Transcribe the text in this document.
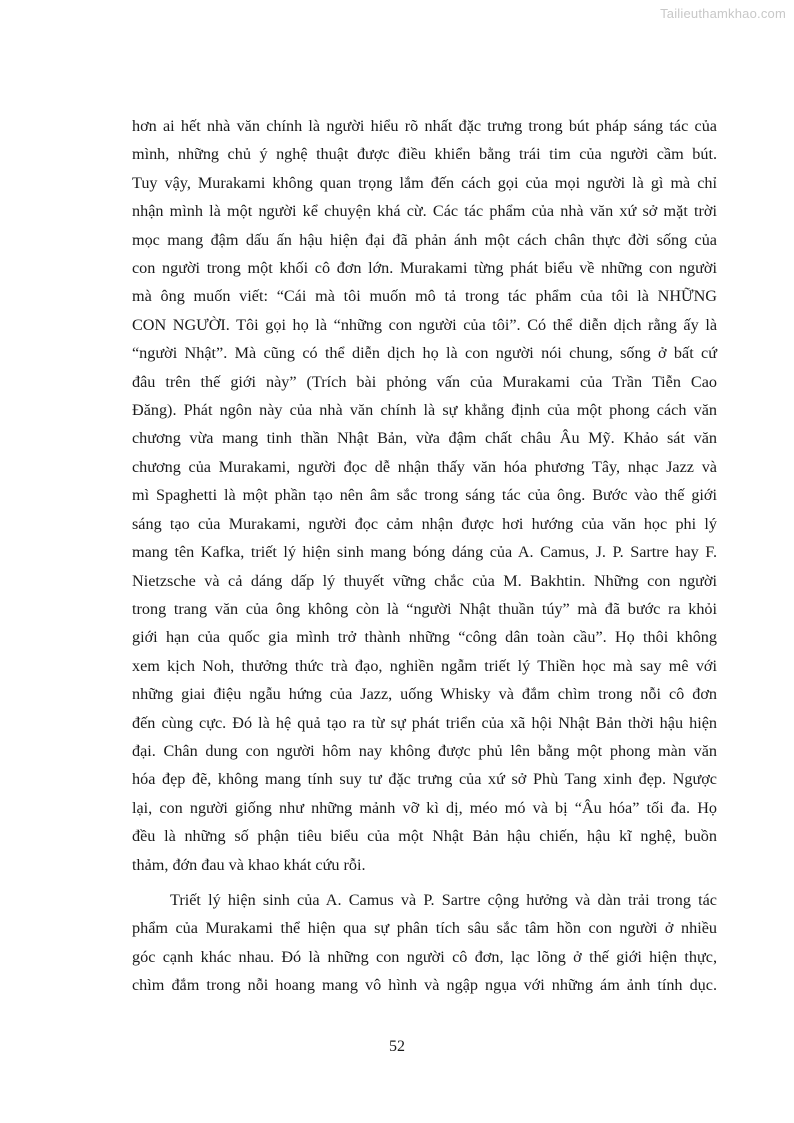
Tailieuthamkhao.com
hơn ai hết nhà văn chính là người hiểu rõ nhất đặc trưng trong bút pháp sáng tác của
mình, những chủ ý nghệ thuật được điều khiển bằng trái tim của người cầm bút.
Tuy vậy, Murakami không quan trọng lắm đến cách gọi của mọi người là gì mà chỉ
nhận mình là một người kể chuyện khá cừ. Các tác phẩm của nhà văn xứ sở mặt trời
mọc mang đậm dấu ấn hậu hiện đại đã phản ánh một cách chân thực đời sống của
con người trong một khối cô đơn lớn. Murakami từng phát biểu về những con người
mà ông muốn viết: “Cái mà tôi muốn mô tả trong tác phẩm của tôi là NHỮNG
CON NGƯỜI. Tôi gọi họ là “những con người của tôi”. Có thể diễn dịch rằng ấy là
“người Nhật”. Mà cũng có thể diễn dịch họ là con người nói chung, sống ở bất cứ
đâu trên thế giới này” (Trích bài phỏng vấn của Murakami của Trần Tiễn Cao
Đăng). Phát ngôn này của nhà văn chính là sự khẳng định của một phong cách văn
chương vừa mang tinh thần Nhật Bản, vừa đậm chất châu Âu Mỹ. Khảo sát văn
chương của Murakami, người đọc dễ nhận thấy văn hóa phương Tây, nhạc Jazz và
mì Spaghetti là một phần tạo nên âm sắc trong sáng tác của ông. Bước vào thế giới
sáng tạo của Murakami, người đọc cảm nhận được hơi hướng của văn học phi lý
mang tên Kafka, triết lý hiện sinh mang bóng dáng của A. Camus, J. P. Sartre hay F.
Nietzsche và cả dáng dấp lý thuyết vững chắc của M. Bakhtin. Những con người
trong trang văn của ông không còn là “người Nhật thuần túy” mà đã bước ra khỏi
giới hạn của quốc gia mình trở thành những “công dân toàn cầu”. Họ thôi không
xem kịch Noh, thưởng thức trà đạo, nghiền ngẫm triết lý Thiền học mà say mê với
những giai điệu ngẫu hứng của Jazz, uống Whisky và đắm chìm trong nỗi cô đơn
đến cùng cực. Đó là hệ quả tạo ra từ sự phát triển của xã hội Nhật Bản thời hậu hiện
đại. Chân dung con người hôm nay không được phủ lên bằng một phong màn văn
hóa đẹp đẽ, không mang tính suy tư đặc trưng của xứ sở Phù Tang xinh đẹp. Ngược
lại, con người giống như những mảnh vỡ kì dị, méo mó và bị “Âu hóa” tối đa. Họ
đều là những số phận tiêu biểu của một Nhật Bản hậu chiến, hậu kĩ nghệ, buồn
thảm, đớn đau và khao khát cứu rỗi.
Triết lý hiện sinh của A. Camus và P. Sartre cộng hưởng và dàn trải trong tác
phẩm của Murakami thể hiện qua sự phân tích sâu sắc tâm hồn con người ở nhiều
góc cạnh khác nhau. Đó là những con người cô đơn, lạc lõng ở thế giới hiện thực,
chìm đắm trong nỗi hoang mang vô hình và ngập ngụa với những ám ảnh tính dục.
52
